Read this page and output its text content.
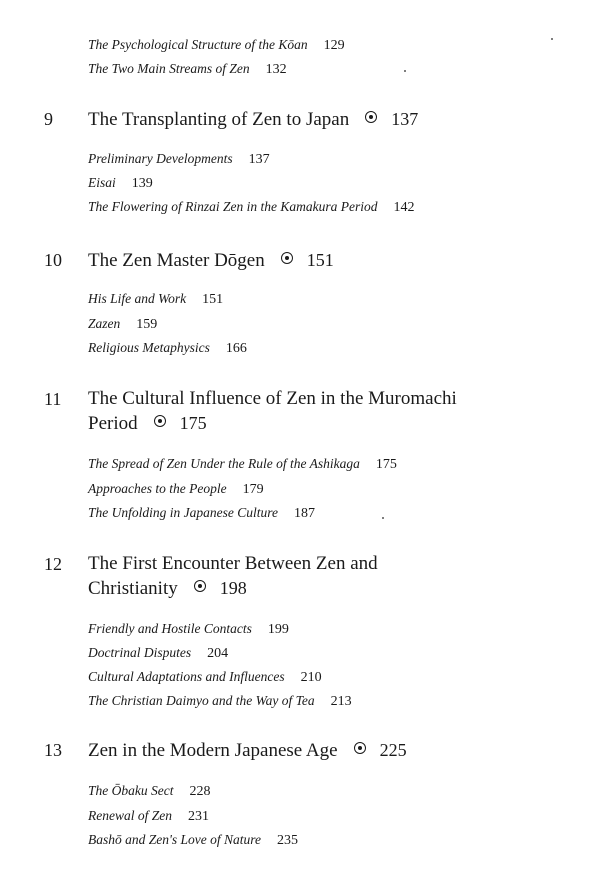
The Psychological Structure of the Kōan 129
The Two Main Streams of Zen 132
9 The Transplanting of Zen to Japan 137
Preliminary Developments 137
Eisai 139
The Flowering of Rinzai Zen in the Kamakura Period 142
10 The Zen Master Dōgen 151
His Life and Work 151
Zazen 159
Religious Metaphysics 166
11 The Cultural Influence of Zen in the Muromachi
Period 175
The Spread of Zen Under the Rule of the Ashikaga 175
Approaches to the People 179
The Unfolding in Japanese Culture 187
12 The First Encounter Between Zen and
Christianity 198
Friendly and Hostile Contacts 199
Doctrinal Disputes 204
Cultural Adaptations and Influences 210
The Christian Daimyo and the Way of Tea 213
13 Zen in the Modern Japanese Age 225
The Ōbaku Sect 228
Renewal of Zen 231
Bashō and Zen's Love of Nature 235
